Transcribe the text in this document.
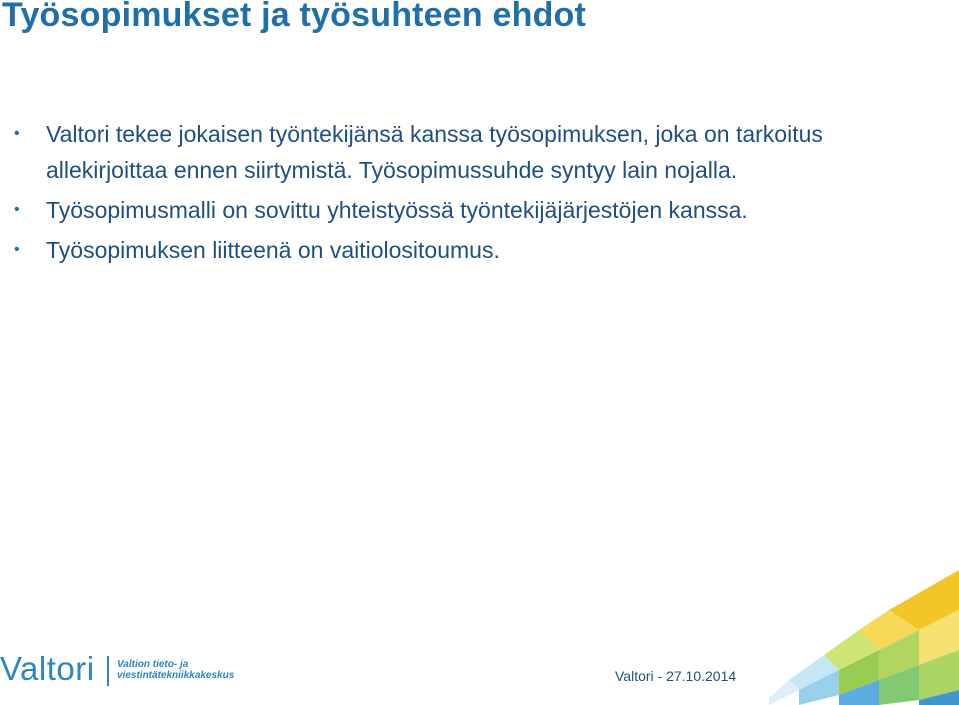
Työsopimukset ja työsuhteen ehdot
• Valtori tekee jokaisen työntekijänsä kanssa työsopimuksen, joka on tarkoitus allekirjoittaa ennen siirtymistä. Työsopimussuhde syntyy lain nojalla.
• Työsopimusmalli on sovittu yhteistyössä työntekijäjärjestöjen kanssa.
• Työsopimuksen liitteenä on vaitiolositoumus.
Valtori Valtion tieto- ja
viestintätekniikkakeskus	Valtori - 27.10.2014
